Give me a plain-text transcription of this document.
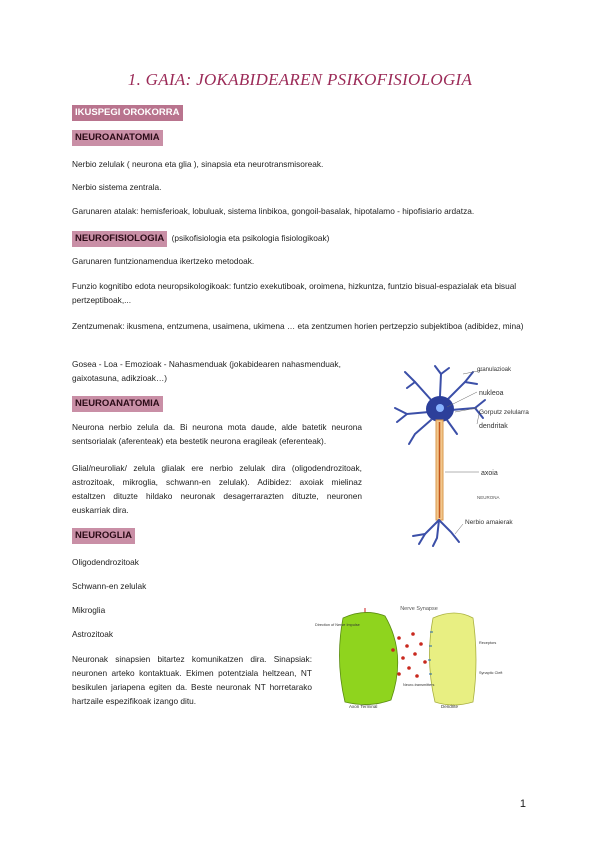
1. GAIA: JOKABIDEAREN PSIKOFISIOLOGIA
IKUSPEGI OROKORRA
NEUROANATOMIA
Nerbio zelulak ( neurona eta glia ), sinapsia eta neurotransmisoreak.
Nerbio sistema zentrala.
Garunaren atalak: hemisferioak, lobuluak, sistema linbikoa, gongoil-basalak, hipotalamo - hipofisiario ardatza.
NEUROFISIOLOGIA (psikofisiologia eta psikologia fisiologikoak)
Garunaren funtzionamendua ikertzeko metodoak.
Funzio kognitibo edota neuropsikologikoak: funtzio exekutiboak, oroimena, hizkuntza, funtzio bisual-espazialak eta bisual pertzeptiboak,...
Zentzumenak: ikusmena, entzumena, usaimena, ukimena … eta zentzumen horien pertzepzio subjektiboa (adibidez, mina)
Gosea - Loa - Emozioak - Nahasmenduak (jokabidearen nahasmenduak, gaixotasuna, adikzioak…)
NEUROANATOMIA
Neurona nerbio zelula da. Bi neurona mota daude, alde batetik neurona sentsorialak (aferenteak) eta bestetik neurona eragileak (eferenteak).
Glial/neuroliak/ zelula glialak ere nerbio zelulak dira (oligodendrozitoak, astrozitoak, mikroglia, schwann-en zelulak). Adibidez: axoiak mielinaz estaltzen dituzte hildako neuronak desagerrarazten dituzte, neuronen euskarriak dira.
NEUROGLIA
Oligodendrozitoak
Schwann-en zelulak
Mikroglia
Astrozitoak
Neuronak sinapsien bitartez komunikatzen dira. Sinapsiak: neuronen arteko kontaktuak. Ekimen potentziala heltzean, NT besikulen jariapena egiten da. Beste neuronak NT horretarako hartzaile espezifikoak izango ditu.
granulazioak
nukleoa
Gorputz zelularra
dendritak
axoia
NEURONA
Nerbio amaierak
Nerve Synapse
Direction of Nerve Impulse
Axon Terminal	Dendrite
Neuro-transmitters
Receptors
Synaptic Cleft
1
